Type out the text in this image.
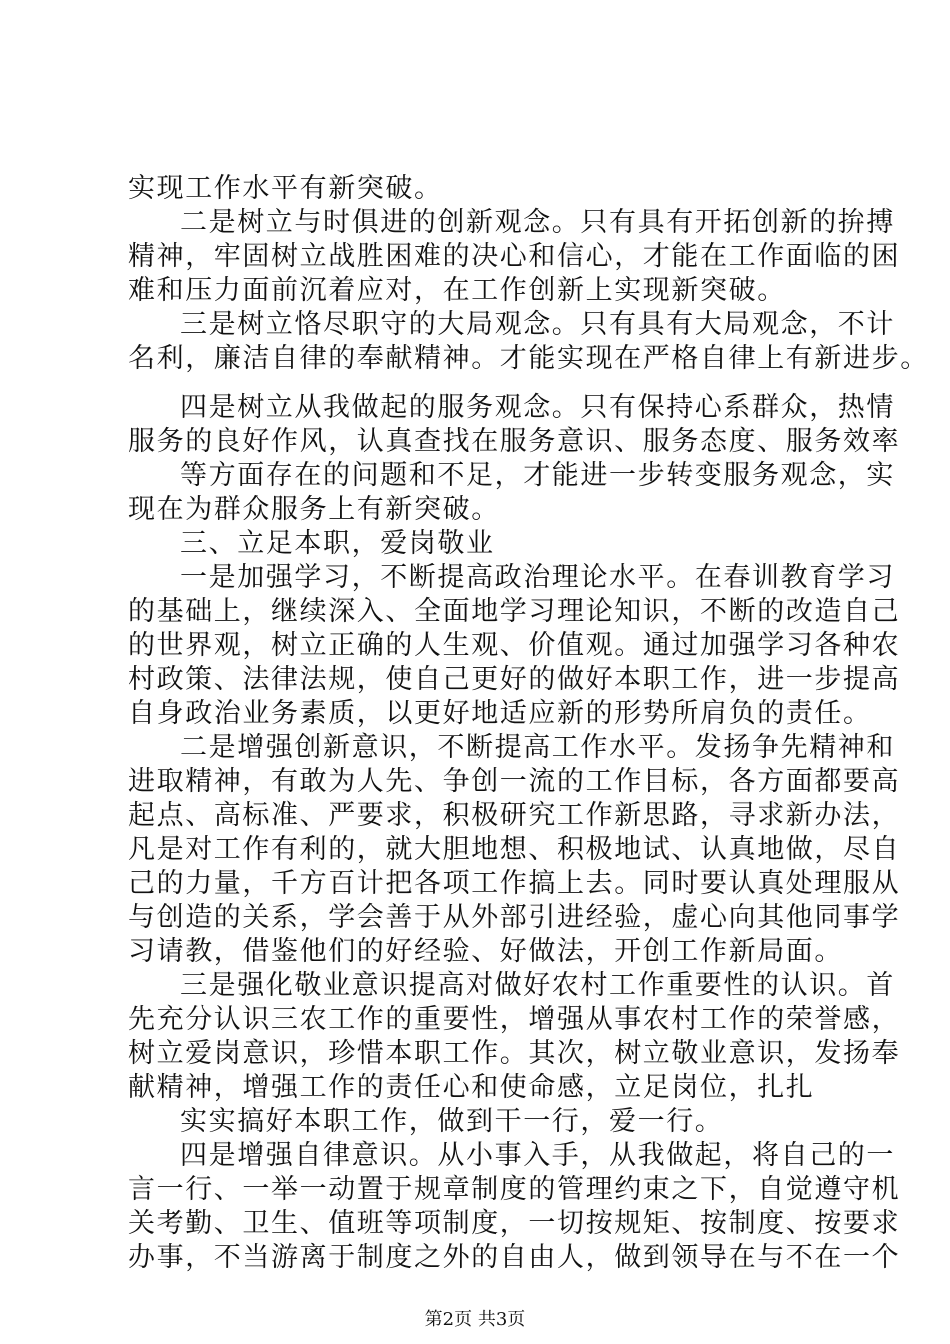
实现工作水平有新突破。
二是树立与时俱进的创新观念。只有具有开拓创新的拚搏
精神，牢固树立战胜困难的决心和信心，才能在工作面临的困
难和压力面前沉着应对，在工作创新上实现新突破。
三是树立恪尽职守的大局观念。只有具有大局观念，不计
名利，廉洁自律的奉献精神。才能实现在严格自律上有新进步。
四是树立从我做起的服务观念。只有保持心系群众，热情
服务的良好作风，认真查找在服务意识、服务态度、服务效率
等方面存在的问题和不足，才能进一步转变服务观念，实
现在为群众服务上有新突破。
三、立足本职，爱岗敬业
一是加强学习，不断提高政治理论水平。在春训教育学习
的基础上，继续深入、全面地学习理论知识，不断的改造自己
的世界观，树立正确的人生观、价值观。通过加强学习各种农
村政策、法律法规，使自己更好的做好本职工作，进一步提高
自身政治业务素质，以更好地适应新的形势所肩负的责任。
二是增强创新意识，不断提高工作水平。发扬争先精神和
进取精神，有敢为人先、争创一流的工作目标，各方面都要高
起点、高标准、严要求，积极研究工作新思路，寻求新办法，
凡是对工作有利的，就大胆地想、积极地试、认真地做，尽自
己的力量，千方百计把各项工作搞上去。同时要认真处理服从
与创造的关系，学会善于从外部引进经验，虚心向其他同事学
习请教，借鉴他们的好经验、好做法，开创工作新局面。
三是强化敬业意识提高对做好农村工作重要性的认识。首
先充分认识三农工作的重要性，增强从事农村工作的荣誉感，
树立爱岗意识，珍惜本职工作。其次，树立敬业意识，发扬奉
献精神，增强工作的责任心和使命感，立足岗位，扎扎
实实搞好本职工作，做到干一行，爱一行。
四是增强自律意识。从小事入手，从我做起，将自己的一
言一行、一举一动置于规章制度的管理约束之下，自觉遵守机
关考勤、卫生、值班等项制度，一切按规矩、按制度、按要求
办事，不当游离于制度之外的自由人，做到领导在与不在一个
第2页 共3页
